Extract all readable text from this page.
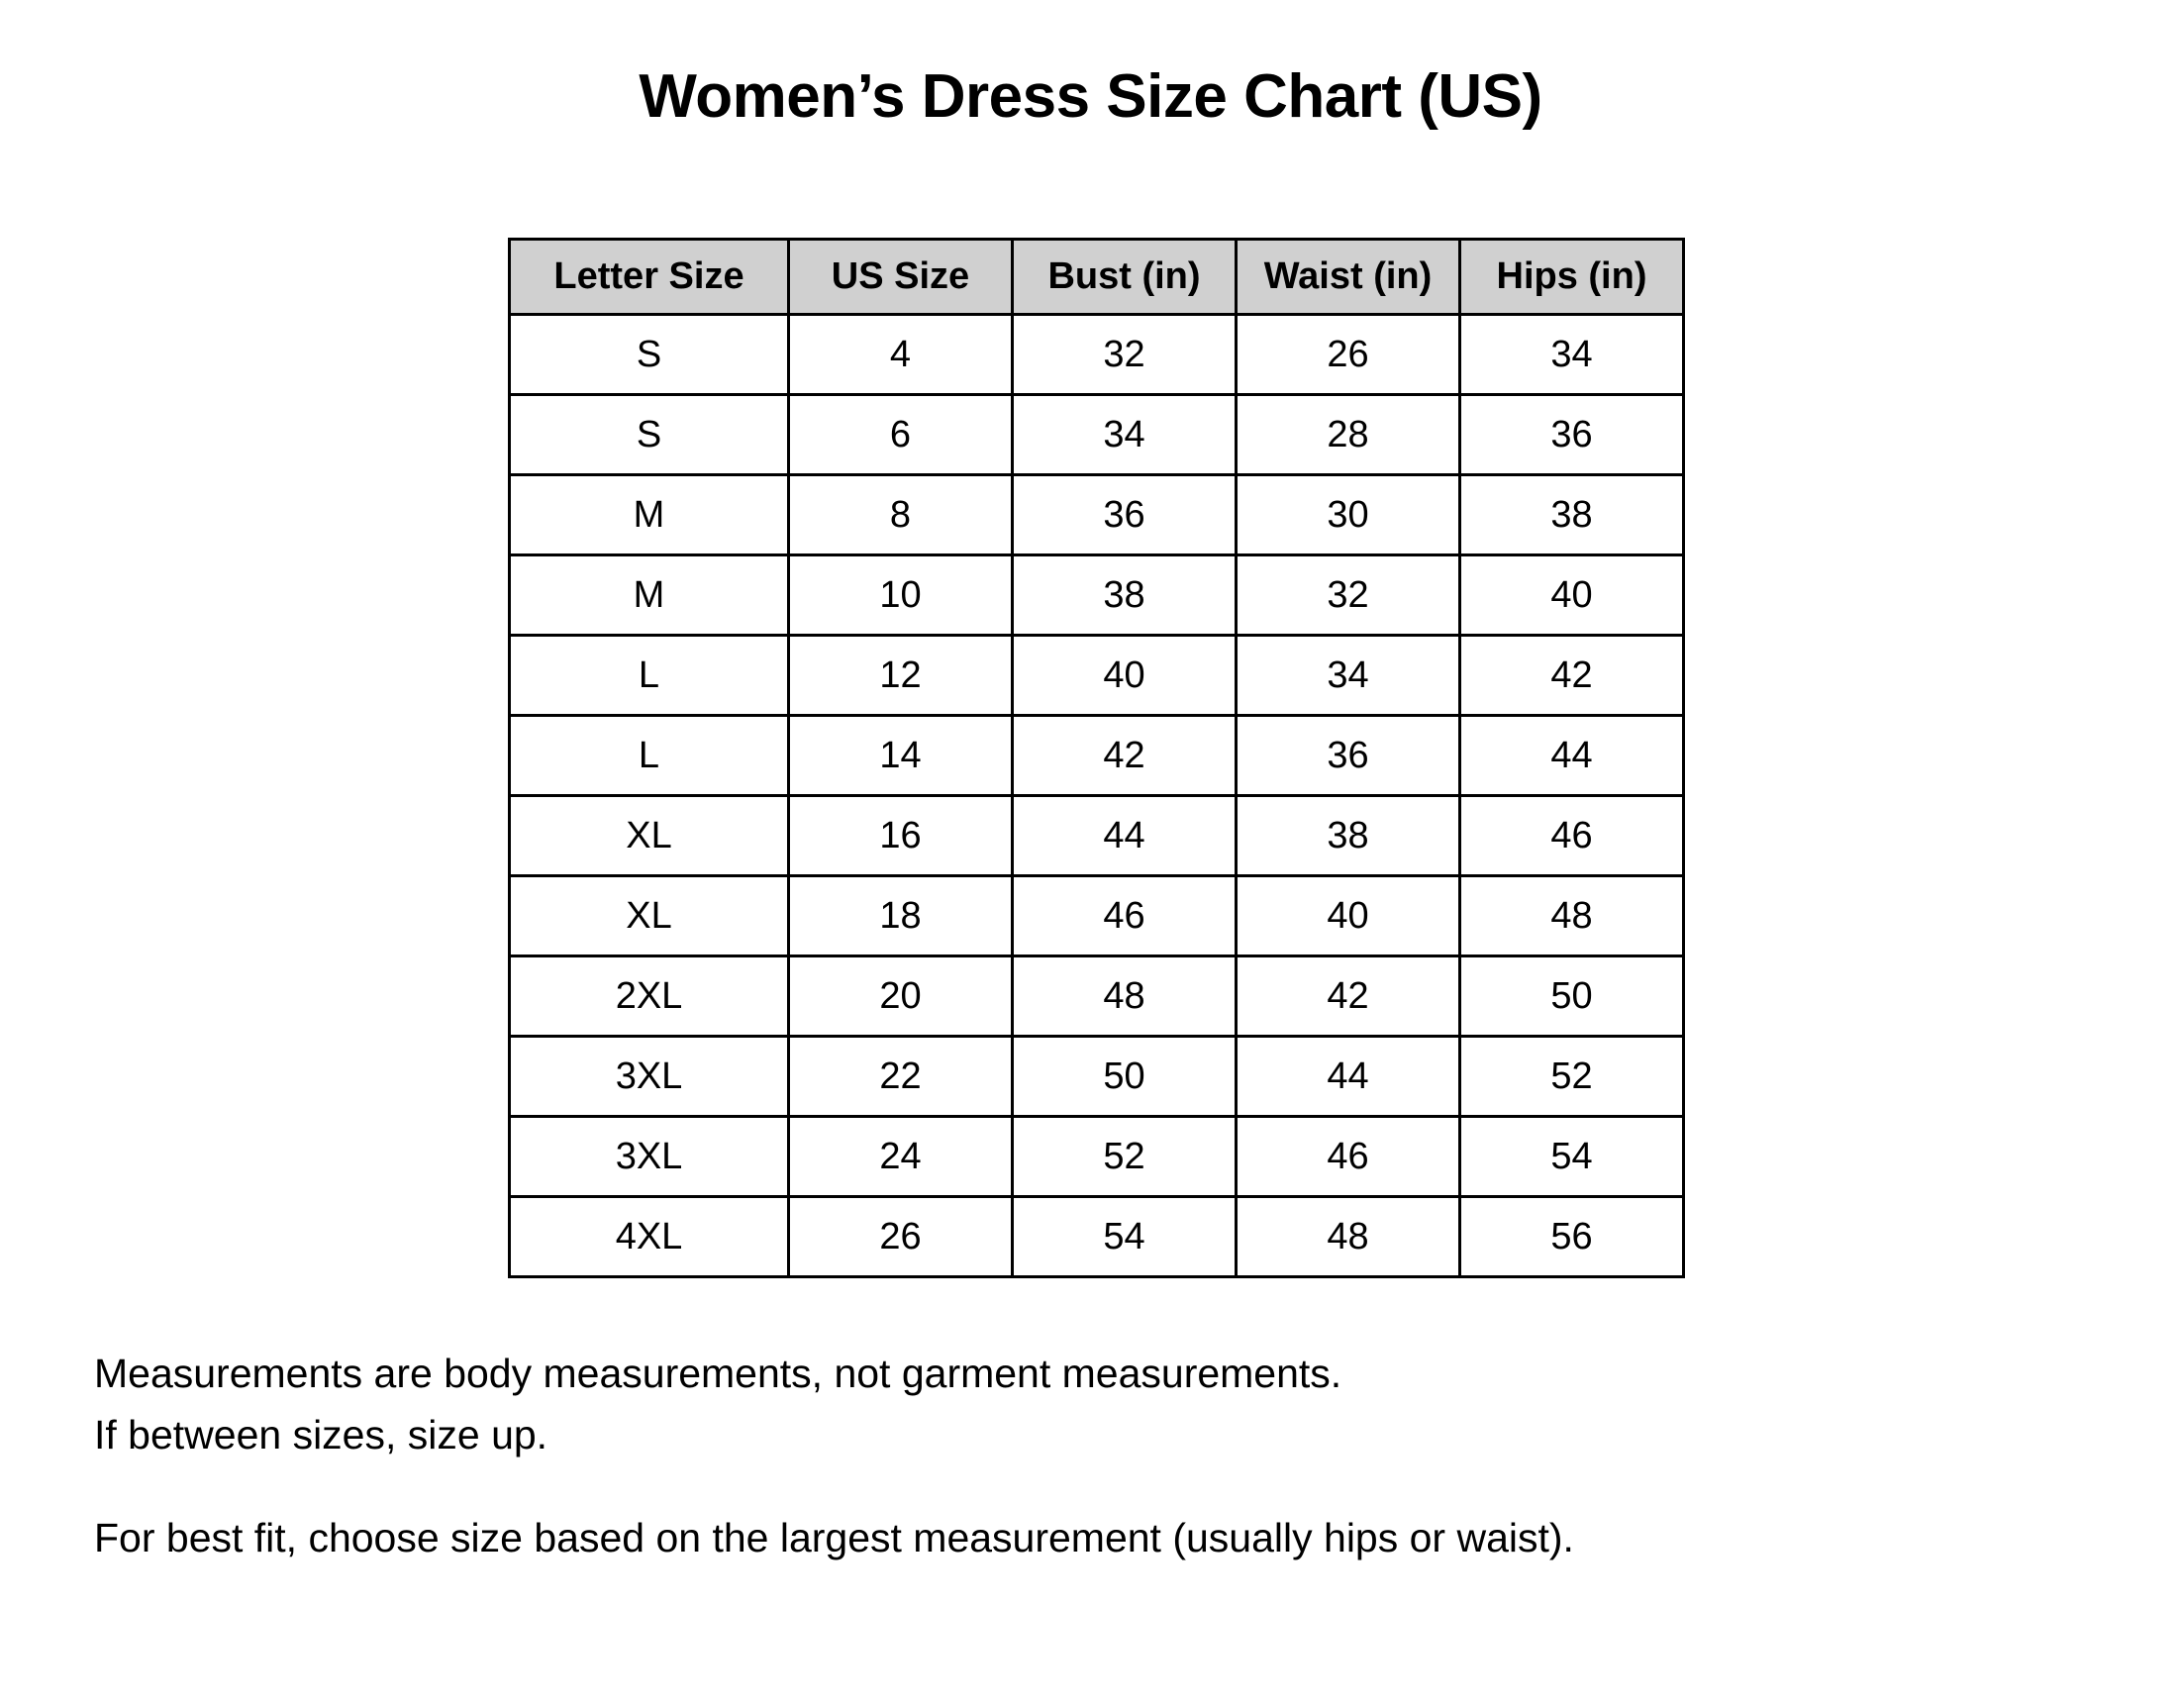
Women’s Dress Size Chart (US)
Letter Size	US Size	Bust (in)	Waist (in)	Hips (in)
S	4	32	26	34
S	6	34	28	36
M	8	36	30	38
M	10	38	32	40
L	12	40	34	42
L	14	42	36	44
XL	16	44	38	46
XL	18	46	40	48
2XL	20	48	42	50
3XL	22	50	44	52
3XL	24	52	46	54
4XL	26	54	48	56
Measurements are body measurements, not garment measurements.
If between sizes, size up.
For best fit, choose size based on the largest measurement (usually hips or waist).
